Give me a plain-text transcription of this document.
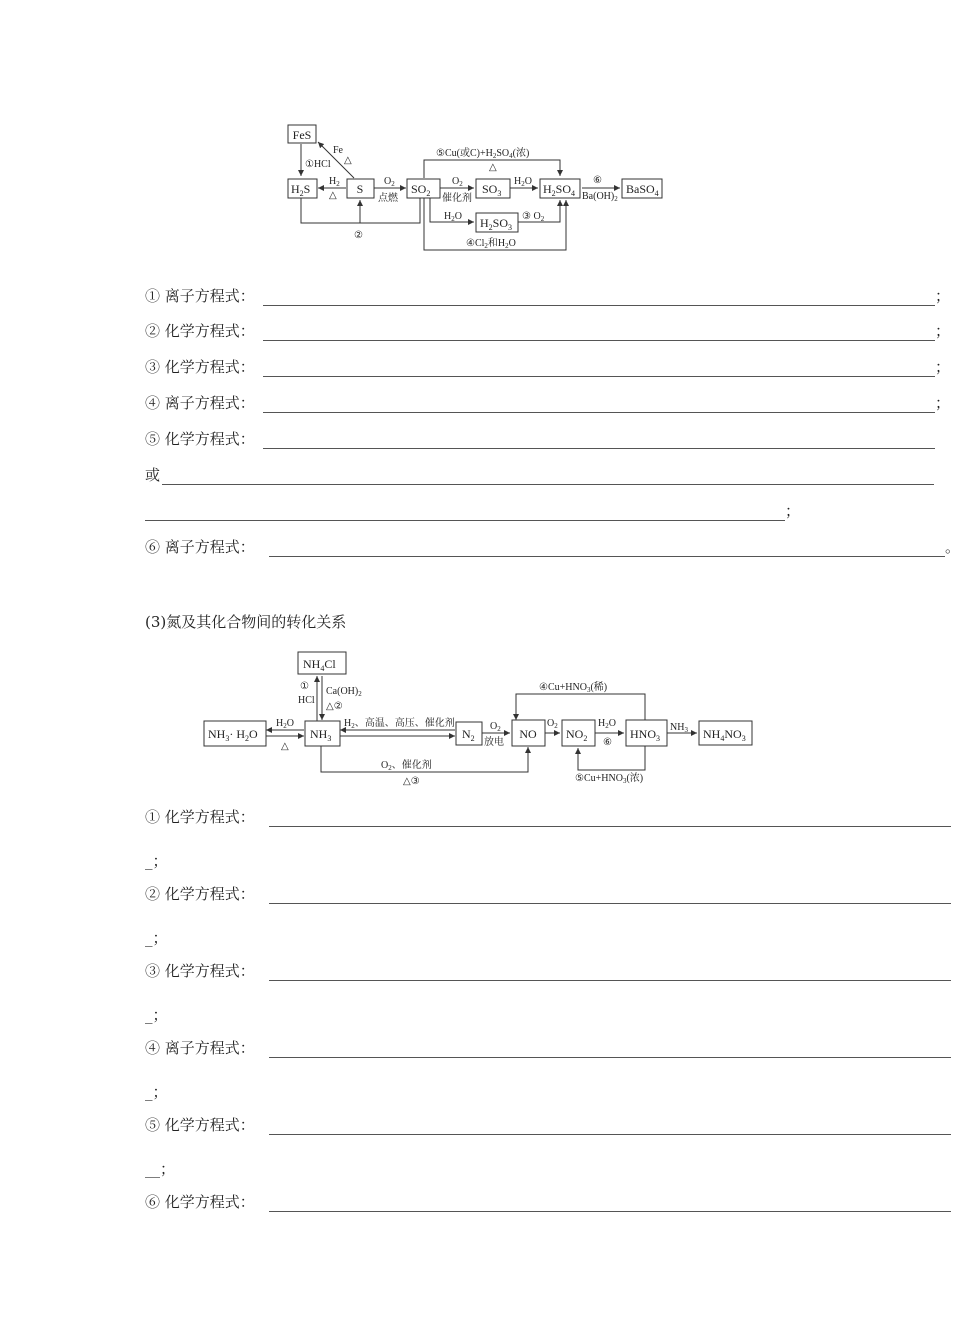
FeS
$H_2S$	S	$SO_2$	$SO_3$	$H_2SO_4$
$H_2SO_3$
BaSO$_4$
①HCl
Fe
△
$H_2$
△
$O_2$
点燃
$O_2$
催化剂
$H_2O$
$H_2O$
②
③ $O_2$
$④Cl_2$和$H_2O$
⑤Cu(或$C)+H_2SO_4$(浓)
△
⑥
$Ba(OH)_2$
① 离子方程式：	；
② 化学方程式：	；
③ 化学方程式：	；
④ 离子方程式：	；
⑤ 化学方程式：
或
；
⑥ 离子方程式：	。
(3)氮及其化合物间的转化关系
$NH_4Cl$
$NH_3\cdot H_2O$	$NH_3$	$N_2$	NO $NO_2$	$HNO_3$	$NH_4NO_3$
①
HCl
$Ca(OH)_2$
△②
$H_2O$
△
$H_2$、高温、高压、催化剂	$O_2$
放电
$O_2$	$H_2O$
⑥
$NH_3$
$O_2$、催化剂
△③
$④Cu+HNO_3$(稀)
$⑤Cu+HNO_3$(浓)
① 化学方程式：
_；
② 化学方程式：
_；
③ 化学方程式：
_；
④ 离子方程式：
_；
⑤ 化学方程式：
__；
⑥ 化学方程式：
